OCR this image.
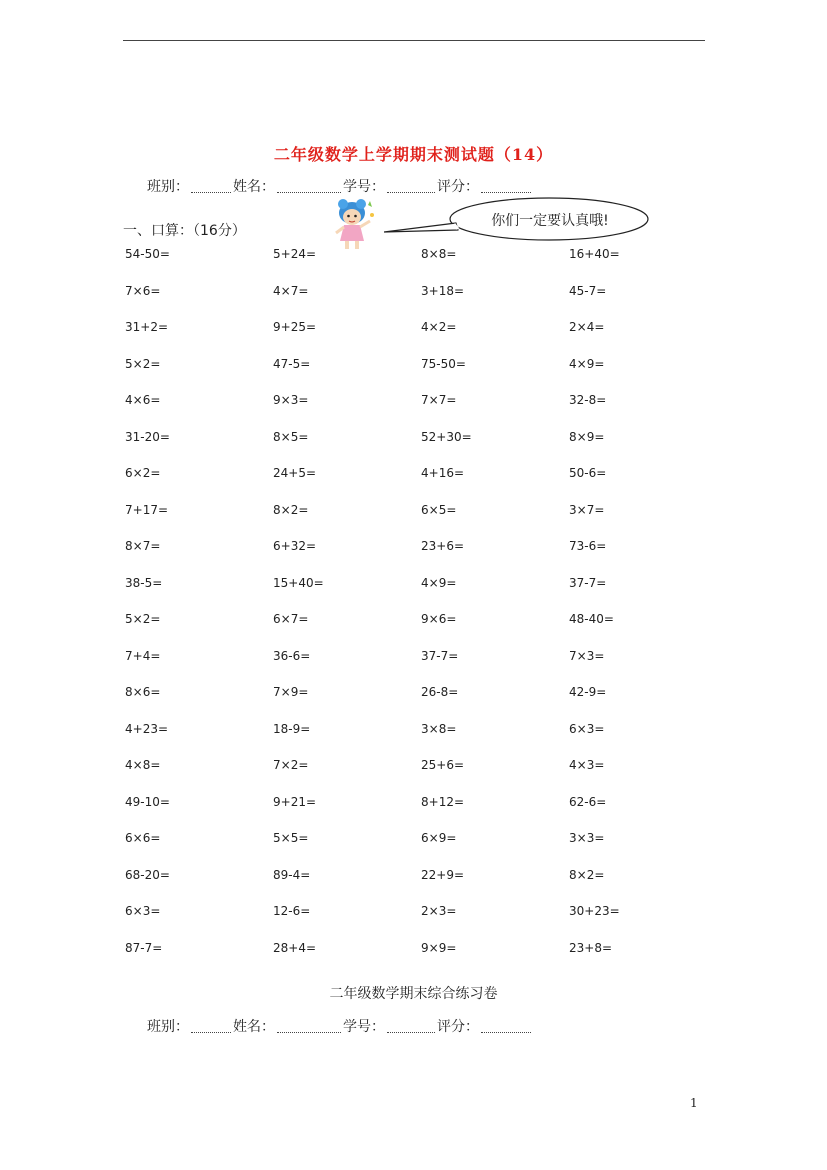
二年级数学上学期期末测试题（14）
班别：	姓名：	学号：	评分：
一、口算：（16分）
你们一定要认真哦!
54-50=	5+24=	8×8=	16+40=
7×6=	4×7=	3+18=	45-7=
31+2=	9+25=	4×2=	2×4=
5×2=	47-5=	75-50=	4×9=
4×6=	9×3=	7×7=	32-8=
31-20=	8×5=	52+30=	8×9=
6×2=	24+5=	4+16=	50-6=
7+17=	8×2=	6×5=	3×7=
8×7=	6+32=	23+6=	73-6=
38-5=	15+40=	4×9=	37-7=
5×2=	6×7=	9×6=	48-40=
7+4=	36-6=	37-7=	7×3=
8×6=	7×9=	26-8=	42-9=
4+23=	18-9=	3×8=	6×3=
4×8=	7×2=	25+6=	4×3=
49-10=	9+21=	8+12=	62-6=
6×6=	5×5=	6×9=	3×3=
68-20=	89-4=	22+9=	8×2=
6×3=	12-6=	2×3=	30+23=
87-7=	28+4=	9×9=	23+8=
二年级数学期末综合练习卷
班别：	姓名：	学号：	评分：
1
